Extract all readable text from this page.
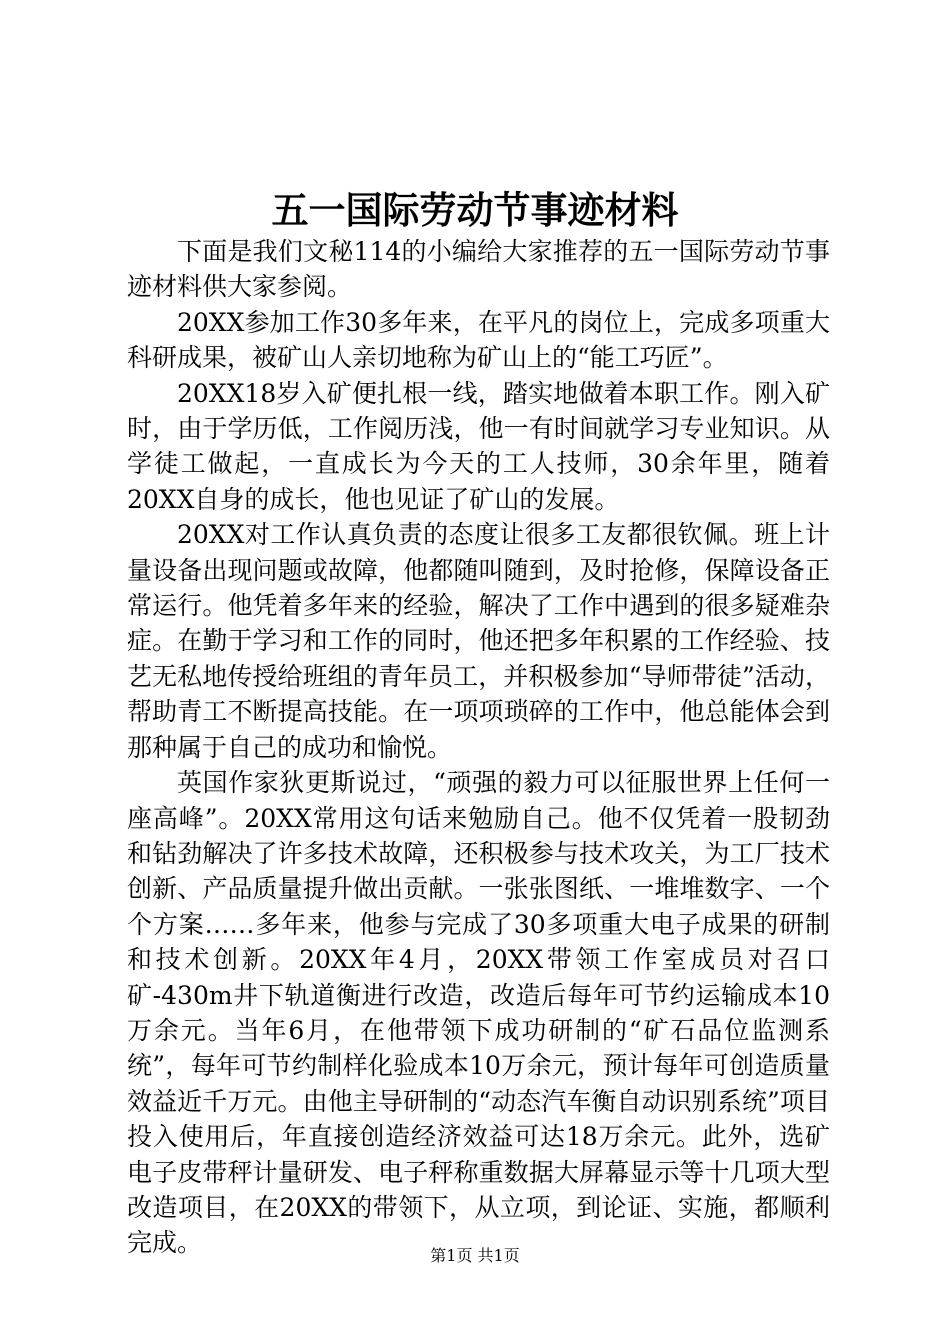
五一国际劳动节事迹材料

下面是我们文秘114的小编给大家推荐的五一国际劳动节事迹材料供大家参阅。

20XX参加工作30多年来，在平凡的岗位上，完成多项重大科研成果，被矿山人亲切地称为矿山上的“能工巧匠”。

20XX18岁入矿便扎根一线，踏实地做着本职工作。刚入矿时，由于学历低，工作阅历浅，他一有时间就学习专业知识。从学徒工做起，一直成长为今天的工人技师，30余年里，随着20XX自身的成长，他也见证了矿山的发展。

20XX对工作认真负责的态度让很多工友都很钦佩。班上计量设备出现问题或故障，他都随叫随到，及时抢修，保障设备正常运行。他凭着多年来的经验，解决了工作中遇到的很多疑难杂症。在勤于学习和工作的同时，他还把多年积累的工作经验、技艺无私地传授给班组的青年员工，并积极参加“导师带徒”活动，帮助青工不断提高技能。在一项项琐碎的工作中，他总能体会到那种属于自己的成功和愉悦。

英国作家狄更斯说过，“顽强的毅力可以征服世界上任何一座高峰”。20XX常用这句话来勉励自己。他不仅凭着一股韧劲和钻劲解决了许多技术故障，还积极参与技术攻关，为工厂技术创新、产品质量提升做出贡献。一张张图纸、一堆堆数字、一个个方案……多年来，他参与完成了30多项重大电子成果的研制和技术创新。20XX年4月，20XX带领工作室成员对召口矿-430m井下轨道衡进行改造，改造后每年可节约运输成本10万余元。当年6月，在他带领下成功研制的“矿石品位监测系统”，每年可节约制样化验成本10万余元，预计每年可创造质量效益近千万元。由他主导研制的“动态汽车衡自动识别系统”项目投入使用后，年直接创造经济效益可达18万余元。此外，选矿电子皮带秤计量研发、电子秤称重数据大屏幕显示等十几项大型改造项目，在20XX的带领下，从立项，到论证、实施，都顺利完成。	第1页 共1页
